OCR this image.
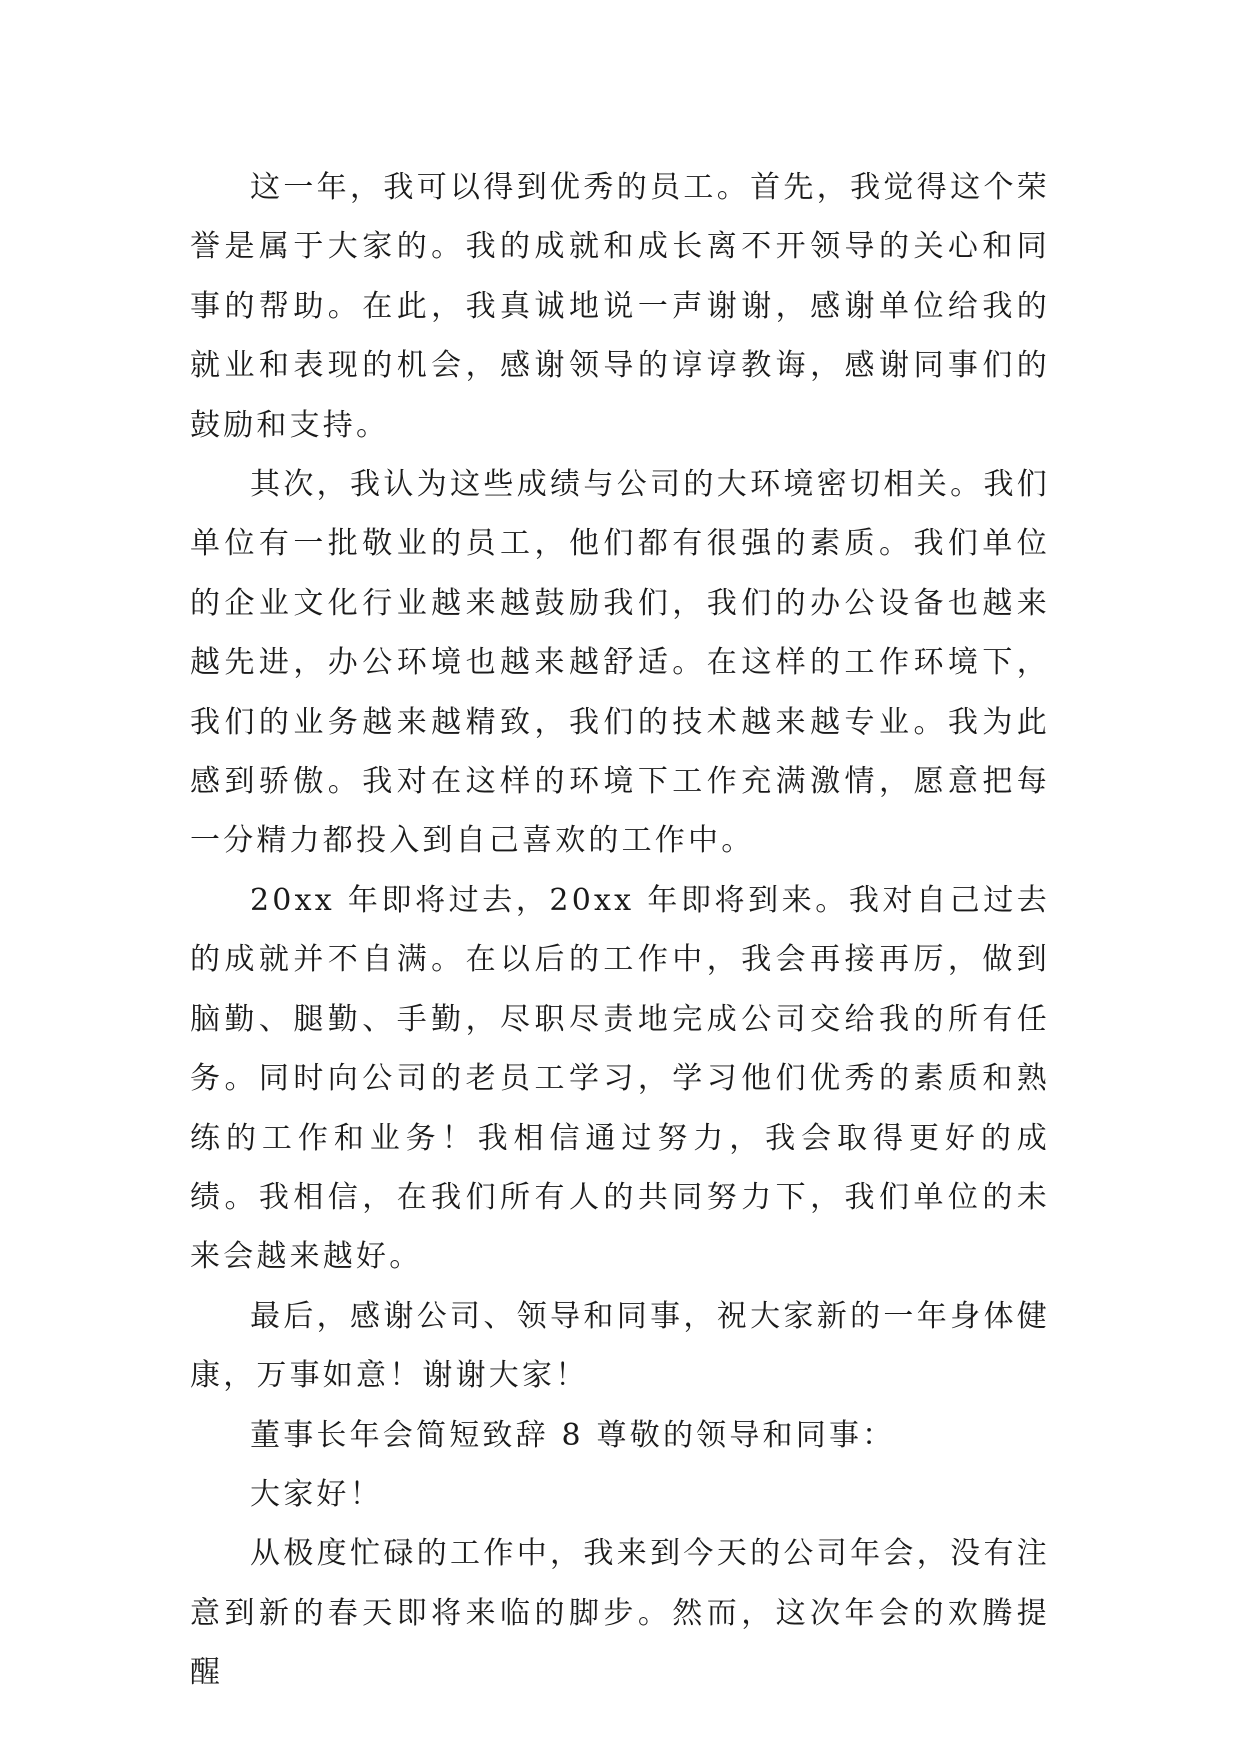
这一年，我可以得到优秀的员工。首先，我觉得这个荣誉是属于大家的。我的成就和成长离不开领导的关心和同事的帮助。在此，我真诚地说一声谢谢，感谢单位给我的就业和表现的机会，感谢领导的谆谆教诲，感谢同事们的鼓励和支持。

其次，我认为这些成绩与公司的大环境密切相关。我们单位有一批敬业的员工，他们都有很强的素质。我们单位的企业文化行业越来越鼓励我们，我们的办公设备也越来越先进，办公环境也越来越舒适。在这样的工作环境下，我们的业务越来越精致，我们的技术越来越专业。我为此感到骄傲。我对在这样的环境下工作充满激情，愿意把每一分精力都投入到自己喜欢的工作中。

20xx 年即将过去，20xx 年即将到来。我对自己过去的成就并不自满。在以后的工作中，我会再接再厉，做到脑勤、腿勤、手勤，尽职尽责地完成公司交给我的所有任务。同时向公司的老员工学习，学习他们优秀的素质和熟练的工作和业务！我相信通过努力，我会取得更好的成绩。我相信，在我们所有人的共同努力下，我们单位的未来会越来越好。

最后，感谢公司、领导和同事，祝大家新的一年身体健康，万事如意！谢谢大家！

董事长年会简短致辞 8 尊敬的领导和同事：

大家好！

从极度忙碌的工作中，我来到今天的公司年会，没有注意到新的春天即将来临的脚步。然而，这次年会的欢腾提醒
